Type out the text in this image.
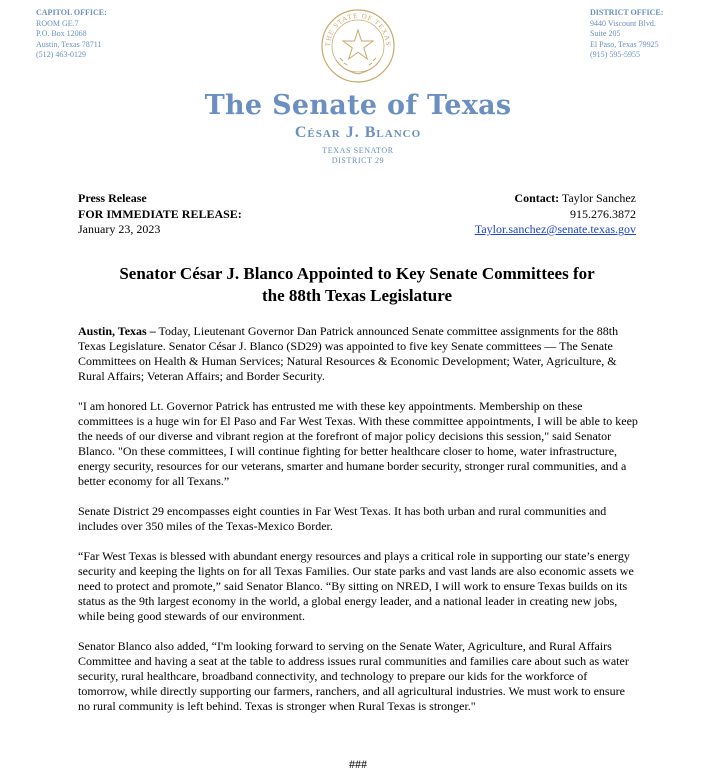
CAPITOL OFFICE:
ROOM GE.7
P.O. Box 12068
Austin, Texas 78711
(512) 463-0129
DISTRICT OFFICE:
9440 Viscount Blvd.
Suite 205
El Paso, Texas 79925
(915) 595-5955
THE STATE OF TEXAS
The Senate of Texas
César J. Blanco
TEXAS SENATOR
DISTRICT 29
Press Release
FOR IMMEDIATE RELEASE:
January 23, 2023
Contact: Taylor Sanchez
915.276.3872
Taylor.sanchez@senate.texas.gov
Senator César J. Blanco Appointed to Key Senate Committees for
the 88th Texas Legislature

Austin, Texas – Today, Lieutenant Governor Dan Patrick announced Senate committee assignments for the 88th Texas Legislature. Senator César J. Blanco (SD29) was appointed to five key Senate committees — The Senate Committees on Health & Human Services; Natural Resources & Economic Development; Water, Agriculture, & Rural Affairs; Veteran Affairs; and Border Security.

"I am honored Lt. Governor Patrick has entrusted me with these key appointments. Membership on these committees is a huge win for El Paso and Far West Texas. With these committee appointments, I will be able to keep the needs of our diverse and vibrant region at the forefront of major policy decisions this session," said Senator Blanco. "On these committees, I will continue fighting for better healthcare closer to home, water infrastructure, energy security, resources for our veterans, smarter and humane border security, stronger rural communities, and a better economy for all Texans.”

Senate District 29 encompasses eight counties in Far West Texas. It has both urban and rural communities and includes over 350 miles of the Texas-Mexico Border.

“Far West Texas is blessed with abundant energy resources and plays a critical role in supporting our state’s energy security and keeping the lights on for all Texas Families. Our state parks and vast lands are also economic assets we need to protect and promote,” said Senator Blanco. “By sitting on NRED, I will work to ensure Texas builds on its status as the 9th largest economy in the world, a global energy leader, and a national leader in creating new jobs, while being good stewards of our environment.

Senator Blanco also added, “I'm looking forward to serving on the Senate Water, Agriculture, and Rural Affairs Committee and having a seat at the table to address issues rural communities and families care about such as water security, rural healthcare, broadband connectivity, and technology to prepare our kids for the workforce of tomorrow, while directly supporting our farmers, ranchers, and all agricultural industries. We must work to ensure no rural community is left behind. Texas is stronger when Rural Texas is stronger."

###
